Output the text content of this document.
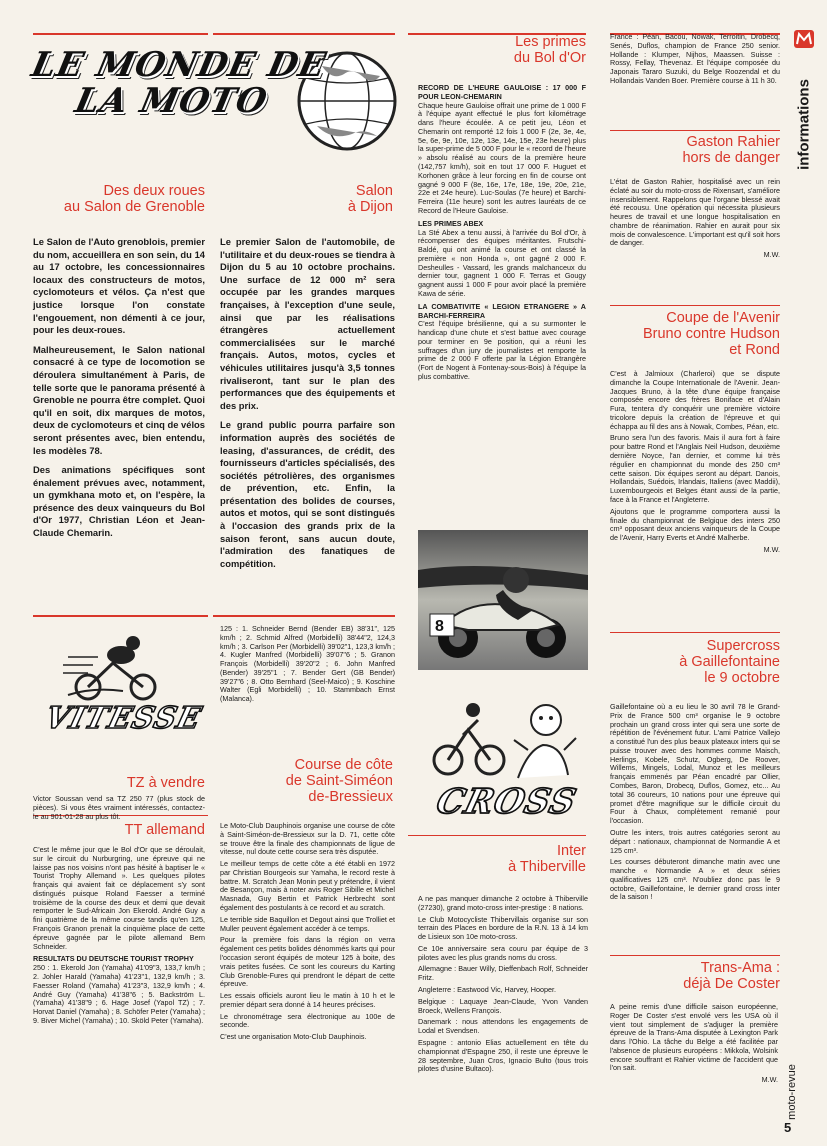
informations
moto-revue
5
LE MONDE DE LA MOTO
Des deux roues
au Salon de Grenoble

Le Salon de l'Auto grenoblois, premier du nom, accueillera en son sein, du 14 au 17 octobre, les concessionnaires locaux des constructeurs de motos, cyclomoteurs et vélos. Ça n'est que justice lorsque l'on constate l'engouement, non démenti à ce jour, pour les deux-roues.

Malheureusement, le Salon national consacré à ce type de locomotion se déroulera simultanément à Paris, de telle sorte que le panorama présenté à Grenoble ne pourra être complet. Quoi qu'il en soit, dix marques de motos, deux de cyclomoteurs et cinq de vélos seront présentes avec, bien entendu, les modèles 78.

Des animations spécifiques sont énalement prévues avec, notamment, un gymkhana moto et, on l'espère, la présence des deux vainqueurs du Bol d'Or 1977, Christian Léon et Jean-Claude Chemarin.

Salon
à Dijon

Le premier Salon de l'automobile, de l'utilitaire et du deux-roues se tiendra à Dijon du 5 au 10 octobre prochains. Une surface de 12 000 m² sera occupée par les grandes marques françaises, à l'exception d'une seule, ainsi que par les réalisations étrangères actuellement commercialisées sur le marché français. Autos, motos, cycles et véhicules utilitaires jusqu'à 3,5 tonnes rivaliseront, tant sur le plan des performances que des équipements et des prix.

Le grand public pourra parfaire son information auprès des sociétés de leasing, d'assurances, de crédit, des fournisseurs d'articles spécialisés, des sociétés pétrolières, des organismes de prévention, etc. Enfin, la présentation des bolides de courses, autos et motos, qui se sont distingués à l'occasion des grands prix de la saison feront, sans aucun doute, l'admiration des fanatiques de compétition.

Les primes
du Bol d'Or
RECORD DE L'HEURE GAULOISE : 17 000 F POUR LEON-CHEMARIN

Chaque heure Gauloise offrait une prime de 1 000 F à l'équipe ayant effectué le plus fort kilométrage dans l'heure écoulée. A ce petit jeu, Léon et Chemarin ont remporté 12 fois 1 000 F (2e, 3e, 4e, 5e, 6e, 9e, 10e, 12e, 13e, 14e, 15e, 23e heure) plus la super-prime de 5 000 F pour le « record de l'heure » absolu réalisé au cours de la première heure (142,757 km/h), soit en tout 17 000 F. Huguet et Korhonen grâce à leur forcing en fin de course ont gagné 9 000 F (8e, 16e, 17e, 18e, 19e, 20e, 21e, 22e et 24e heure). Luc-Soulas (7e heure) et Barchi-Ferreira (11e heure) sont les autres lauréats de ce Record de l'Heure Gauloise.

LES PRIMES ABEX

La Sté Abex a tenu aussi, à l'arrivée du Bol d'Or, à récompenser des équipes méritantes. Frutschi-Baldé, qui ont animé la course et ont classé la première « non Honda », ont gagné 2 000 F. Desheulles - Vassard, les grands malchanceux du dernier tour, gagnent 1 000 F. Terras et Gougy gagnent aussi 1 000 F pour avoir placé la première Kawa de série.

LA COMBATIVITE « LEGION ETRANGERE » A BARCHI-FERREIRA

C'est l'équipe brésilienne, qui a su surmonter le handicap d'une chute et s'est battue avec courage pour terminer en 9e position, qui a réuni les suffrages d'un jury de journalistes et remporte la prime de 2 000 F offerte par la Légion Etrangère (Fort de Nogent à Fontenay-sous-Bois) à l'équipe la plus combattive.

8

France : Péan, Bacou, Nowak, Terroitin, Drobecq, Senés, Duflos, champion de France 250 senior. Hollande : Klumper, Nijhos, Maassen. Suisse : Rossy, Fellay, Thevenaz. Et l'équipe composée du Japonais Tararo Suzuki, du Belge Roozendal et du Hollandais Vanden Boer. Première course à 11 h 30.

Gaston Rahier
hors de danger

L'état de Gaston Rahier, hospitalisé avec un rein éclaté au soir du moto-cross de Rixensart, s'améliore insensiblement. Rappelons que l'organe blessé avait été recousu. Une opération qui nécessita plusieurs heures de travail et une longue hospitalisation en chambre de réanimation. Rahier en aurait pour six mois de convalescence. L'important est qu'il soit hors de danger.

M.W.
Coupe de l'Avenir
Bruno contre Hudson
et Rond

C'est à Jalmioux (Charleroi) que se dispute dimanche la Coupe Internationale de l'Avenir. Jean-Jacques Bruno, à la tête d'une équipe française composée encore des frères Boniface et d'Alain Fura, tentera d'y conquérir une première victoire tricolore depuis la création de l'épreuve et qui échappa au fil des ans à Nowak, Combes, Péan, etc.

Bruno sera l'un des favoris. Mais il aura fort à faire pour battre Rond et l'Anglais Neil Hudson, deuxième dernière Noyce, l'an dernier, et comme lui très régulier en championnat du monde des 250 cm³ cette saison. Dix équipes seront au départ. Danois, Hollandais, Suédois, Irlandais, Italiens (avec Maddii), Luxembourgeois et Belges étant aussi de la partie, face à la France et l'Angleterre.

Ajoutons que le programme comportera aussi la finale du championnat de Belgique des inters 250 cm³ opposant deux anciens vainqueurs de la Coupe de l'Avenir, Harry Everts et André Malherbe.

M.W.
Supercross
à Gaillefontaine
le 9 octobre

Gaillefontaine où a eu lieu le 30 avril 78 le Grand-Prix de France 500 cm³ organise le 9 octobre prochain un grand cross inter qui sera une sorte de répétition de l'événement futur. L'ami Patrice Vallejo a constitué l'un des plus beaux plateaux inters qui se puisse trouver avec des hommes comme Maisch, Herlings, Kobele, Schutz, Ogberg, De Roover, Willems, Mingels, Lodal, Munoz et les meilleurs français emmenés par Péan encadré par Ollier, Combes, Baron, Drobecq, Duflos, Gomez, etc... Au total 36 coureurs, 10 nations pour une épreuve qui promet d'être magnifique sur le difficile circuit du Four à Chaux, complètement remanié pour l'occasion.

Outre les inters, trois autres catégories seront au départ : nationaux, championnat de Normandie A et 125 cm³.

Les courses débuteront dimanche matin avec une manche « Normandie A » et deux séries qualificatives 125 cm³. N'oubliez donc pas le 9 octobre, Gaillefontaine, le dernier grand cross inter de la saison !

Trans-Ama :
déjà De Coster

A peine remis d'une difficile saison européenne, Roger De Coster s'est envolé vers les USA où il vient tout simplement de s'adjuger la première épreuve de la Trans-Ama disputée à Lexington Park dans l'Ohio. La tâche du Belge a été facilitée par l'absence de plusieurs européens : Mikkola, Wolsink encore souffrant et Rahier victime de l'accident que l'on sait.

M.W.
VITESSE
TZ à vendre

Victor Soussan vend sa TZ 250 77 (plus stock de pièces). Si vous êtes vraiment intéressés, contactez-le au 901-01-28 au plus tôt.

TT allemand

C'est le même jour que le Bol d'Or que se déroulait, sur le circuit du Nurburgring, une épreuve qui ne laisse pas nos voisins n'ont pas hésité à baptiser le « Tourist Trophy Allemand ». Les quelques pilotes français qui avaient fait ce déplacement s'y sont distingués puisque Roland Faesser a terminé troisième de la course des deux et demi que devait remporter le Sud-Africain Jon Ekerold. André Guy a fini quatrième de la même course tandis qu'en 125, François Granon prenait la cinquième place de cette épreuve gagnée par le pilote allemand Bern Schneider.

RESULTATS DU DEUTSCHE TOURIST TROPHY

250 : 1. Ekerold Jon (Yamaha) 41'09"3, 133,7 km/h ; 2. Johler Harald (Yamaha) 41'23"1, 132,9 km/h ; 3. Faesser Roland (Yamaha) 41'23"3, 132,9 km/h ; 4. André Guy (Yamaha) 41'38"6 ; 5. Backström L. (Yamaha) 41'38"9 ; 6. Hage Josef (Yapol TZ) ; 7. Horvat Daniel (Yamaha) ; 8. Schöfer Peter (Yamaha) ; 9. Biver Michel (Yamaha) ; 10. Sköld Peter (Yamaha).

125 : 1. Schneider Bernd (Bender EB) 38'31", 125 km/h ; 2. Schmid Alfred (Morbidelli) 38'44"2, 124,3 km/h ; 3. Carlson Per (Morbidelli) 39'02"1, 123,3 km/h ; 4. Kugler Manfred (Morbidelli) 39'07"6 ; 5. Granon François (Morbidelli) 39'20"2 ; 6. John Manfred (Bender) 39'25"1 ; 7. Bender Gert (GB Bender) 39'27"6 ; 8. Otto Bernhard (Seel-Maico) ; 9. Koschine Walter (Egli Morbidelli) ; 10. Stammbach Ernst (Malanca).

Course de côte
de Saint-Siméon
de-Bressieux

Le Moto-Club Dauphinois organise une course de côte à Saint-Siméon-de-Bressieux sur la D. 71, cette côte se trouve être la finale des championnats de ligue de vitesse, nul doute cette course sera très disputée.

Le meilleur temps de cette côte a été établi en 1972 par Christian Bourgeois sur Yamaha, le record reste à battre. M. Scratch Jean Monin peut y prétendre, il vient de Besançon, mais à noter avis Roger Sibille et Michel Masnada, Guy Bertin et Patrick Herbrecht sont également des postulants à ce record et au scratch.

Le terrible side Baquillon et Degout ainsi que Trolliet et Muller peuvent également accéder à ce temps.

Pour la première fois dans la région on verra également ces petits bolides dénommés karts qui pour l'occasion seront équipés de moteur 125 à boite, des vrais petites fusées. Ce sont les coureurs du Karting Club Grenoble-Fures qui prendront le départ de cette épreuve.

Les essais officiels auront lieu le matin à 10 h et le premier départ sera donné à 14 heures précises.

Le chronométrage sera électronique au 100e de seconde.

C'est une organisation Moto-Club Dauphinois.

CROSS
Inter
à Thiberville

A ne pas manquer dimanche 2 octobre à Thiberville (27230), grand moto-cross inter-prestige : 8 nations.

Le Club Motocycliste Thibervillais organise sur son terrain des Places en bordure de la R.N. 13 à 14 km de Lisieux son 10e moto-cross.

Ce 10e anniversaire sera couru par équipe de 3 pilotes avec les plus grands noms du cross.

Allemagne : Bauer Willy, Dieffenbach Rolf, Schneider Fritz.

Angleterre : Eastwood Vic, Harvey, Hooper.

Belgique : Laquaye Jean-Claude, Yvon Vanden Broeck, Wellens François.

Danemark : nous attendons les engagements de Lodal et Svendsen.

Espagne : antonio Elias actuellement en tête du championnat d'Espagne 250, il reste une épreuve le 28 septembre, Juan Cros, Ignacio Bulto (tous trois pilotes d'usine Bultaco).
